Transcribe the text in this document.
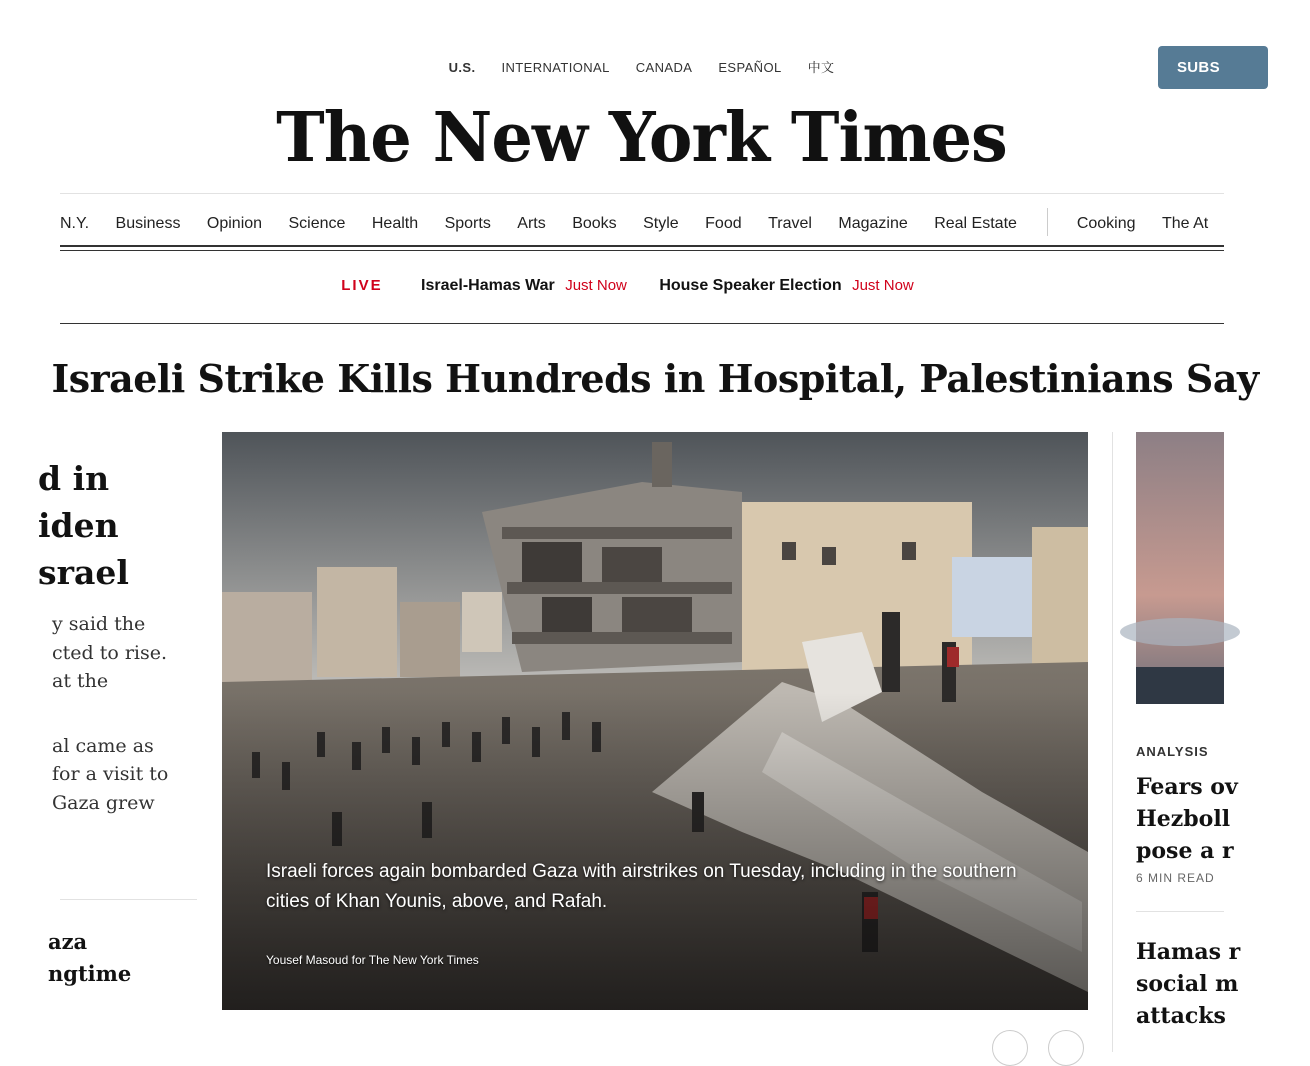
U.S. INTERNATIONAL CANADA ESPAÑOL 中文	SUBS
The New York Times
N.Y. Business Opinion Science Health Sports Arts Books Style Food Travel Magazine Real Estate	Cooking The At
LIVE Israel-Hamas War Just Now House Speaker Election Just Now
Israeli Strike Kills Hundreds in Hospital, Palestinians Say
d in
iden
srael
y said the
cted to rise.
at the
al came as
for a visit to
Gaza grew
aza
ngtime
Israeli forces again bombarded Gaza with airstrikes on Tuesday, including in the southern cities of Khan Younis, above, and Rafah.
Yousef Masoud for The New York Times
ANALYSIS
Fears ov
Hezboll
pose a r
6 MIN READ
Hamas r
social m
attacks
